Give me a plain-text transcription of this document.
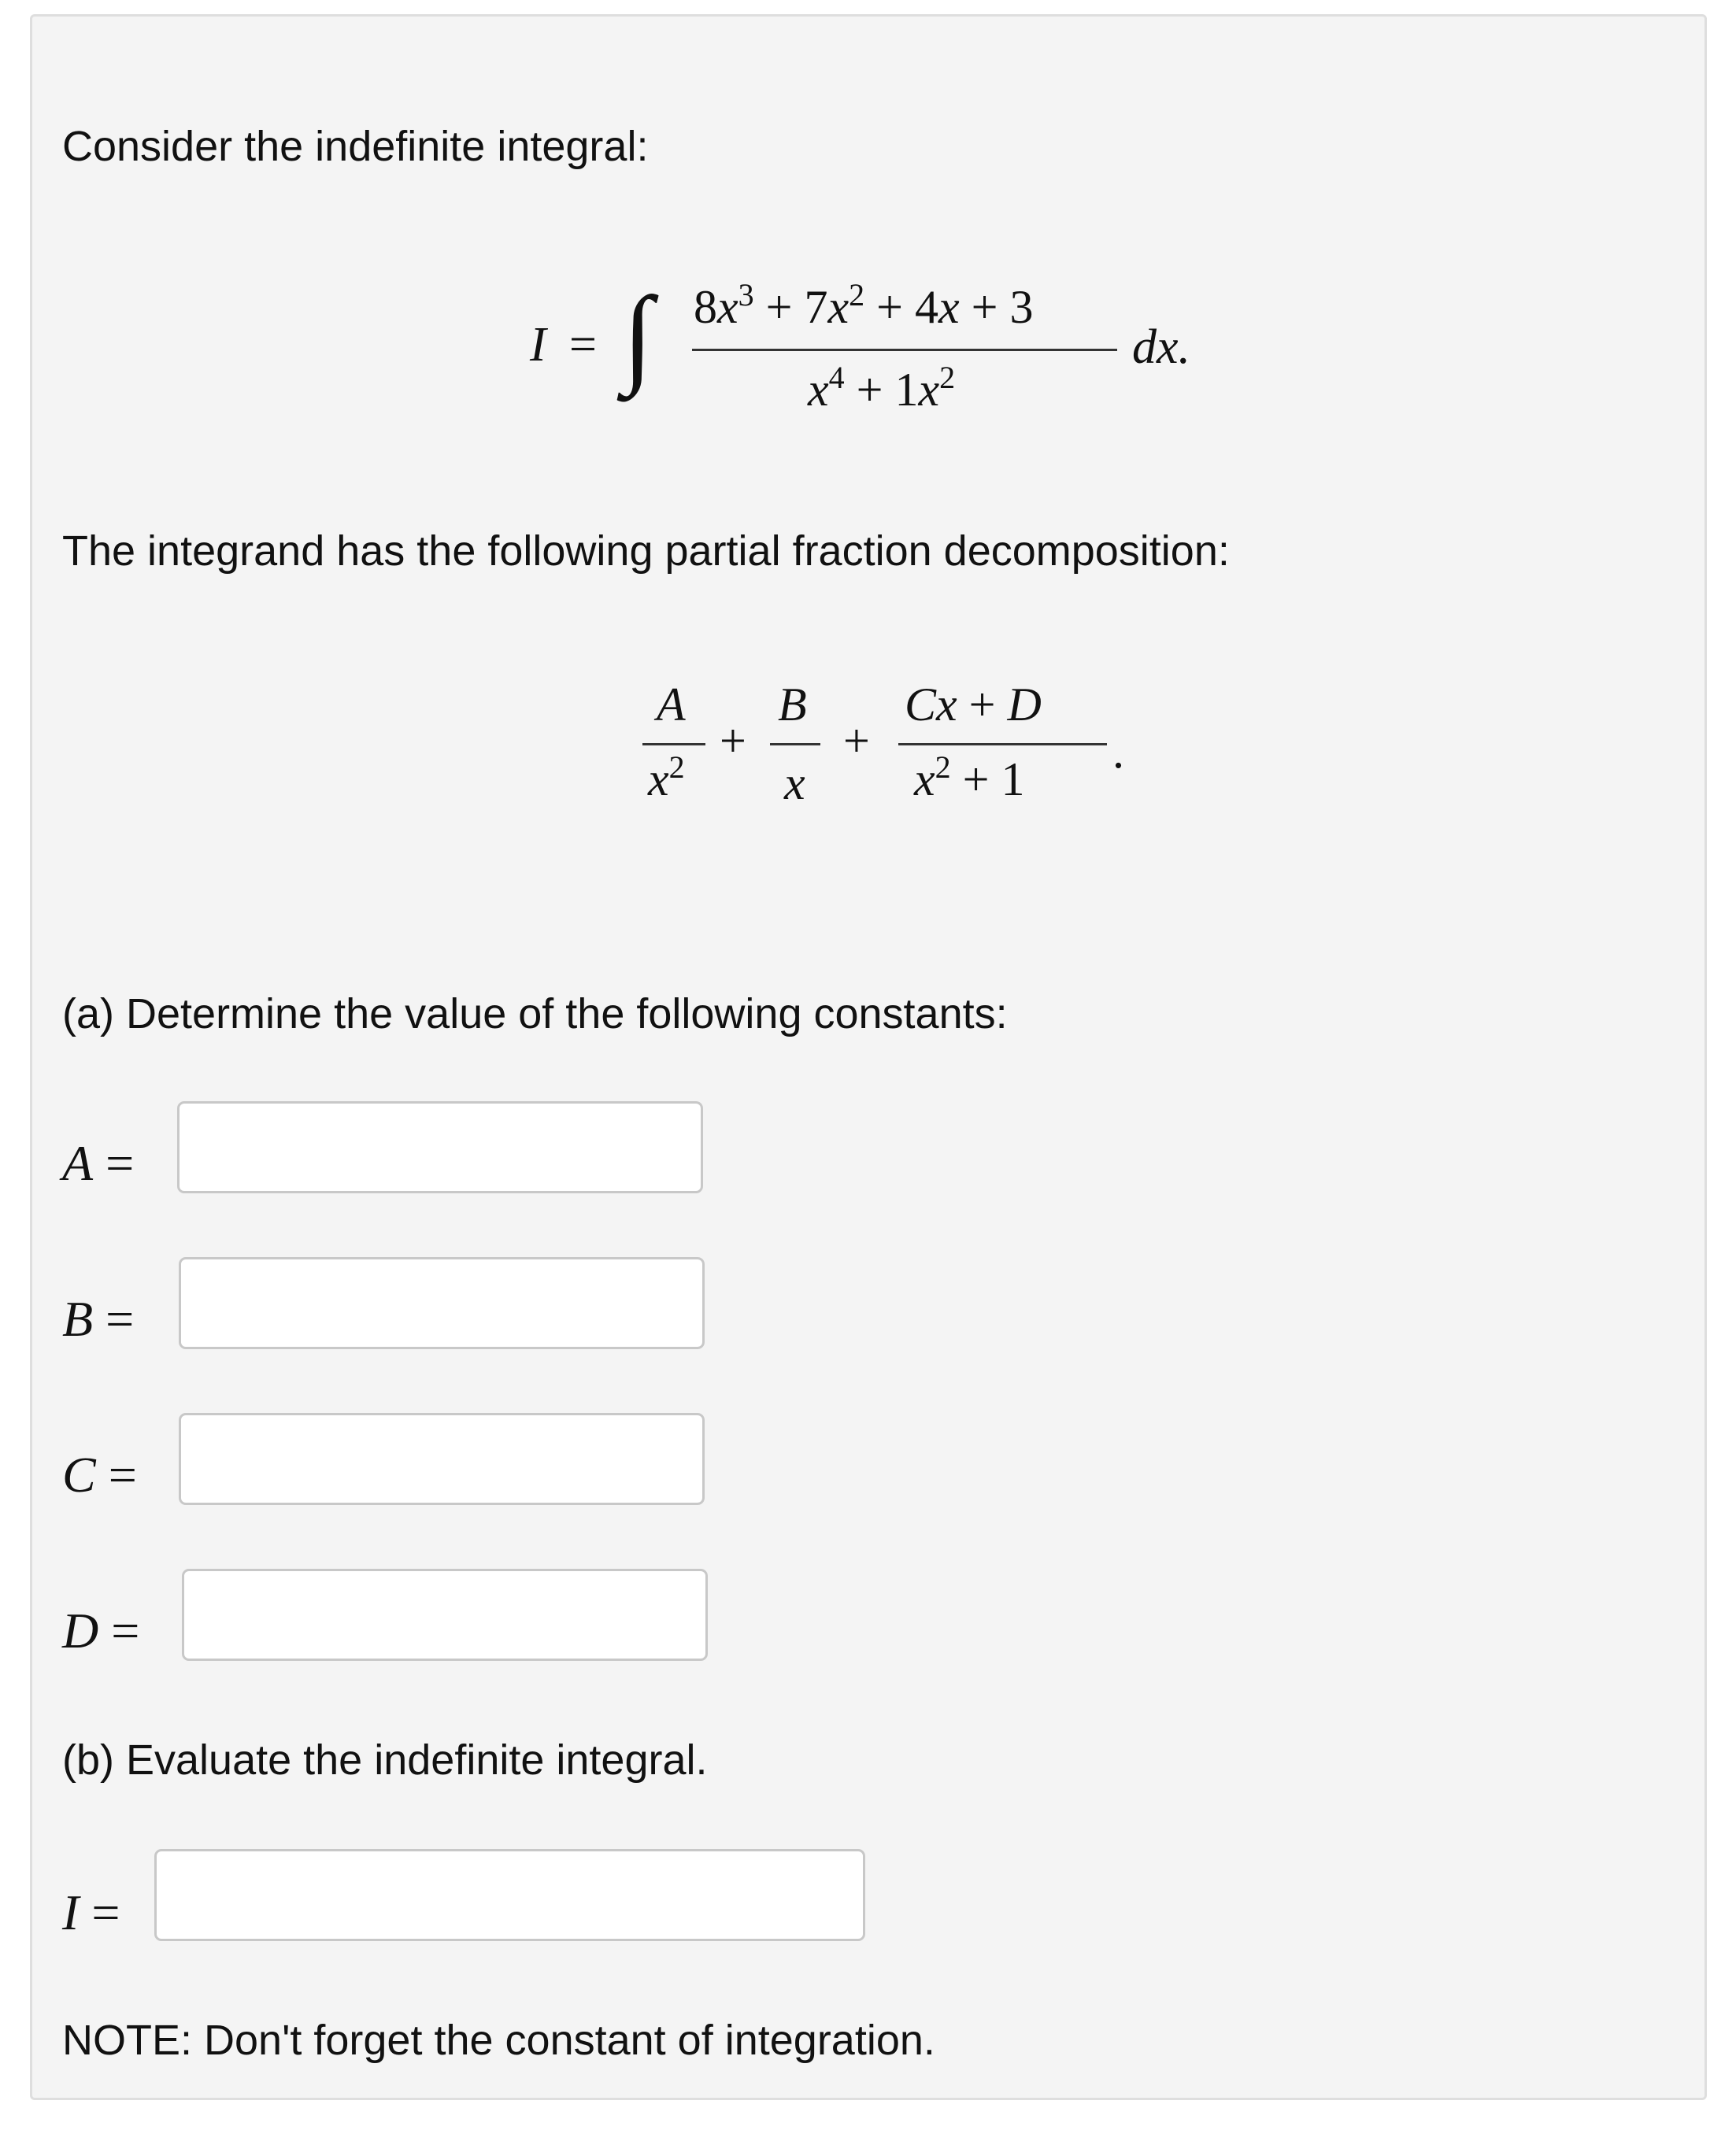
Consider the indefinite integral:
I = ∫ $8x^3 + 7x^2 + 4x + 3$
$x^4 + 1x^2$
dx.
The integrand has the following partial fraction decomposition:
A
$x^2$
+
B
x
+
Cx + D
$x^2 + 1$
.
(a) Determine the value of the following constants:
A =
B =
C =
D =
(b) Evaluate the indefinite integral.
I =
NOTE: Don't forget the constant of integration.
